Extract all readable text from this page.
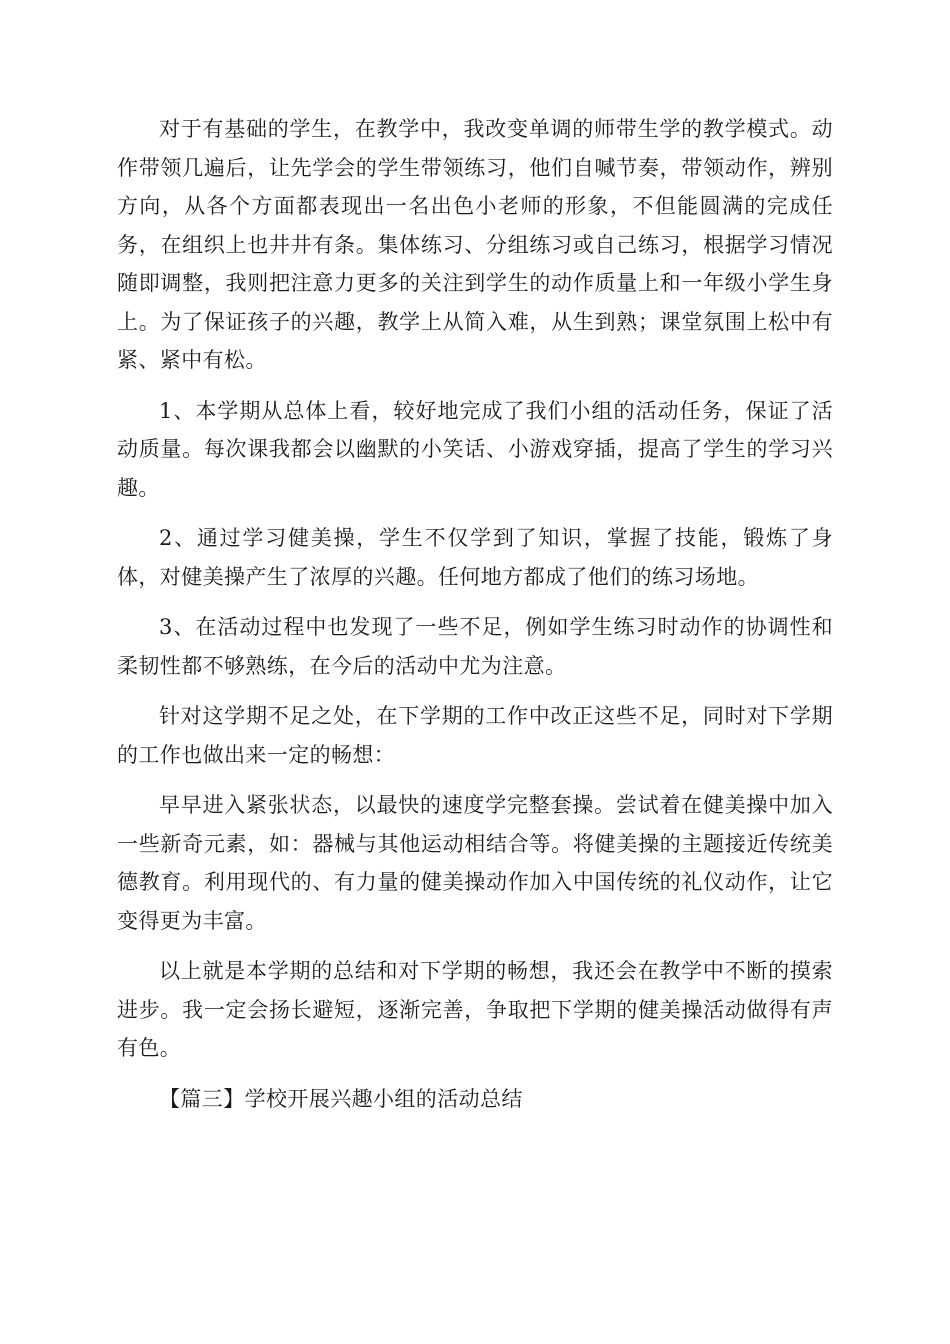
对于有基础的学生，在教学中，我改变单调的师带生学的教学模式。动作带领几遍后，让先学会的学生带领练习，他们自喊节奏，带领动作，辨别方向，从各个方面都表现出一名出色小老师的形象，不但能圆满的完成任务，在组织上也井井有条。集体练习、分组练习或自己练习，根据学习情况随即调整，我则把注意力更多的关注到学生的动作质量上和一年级小学生身上。为了保证孩子的兴趣，教学上从简入难，从生到熟；课堂氛围上松中有紧、紧中有松。

1、本学期从总体上看，较好地完成了我们小组的活动任务，保证了活动质量。每次课我都会以幽默的小笑话、小游戏穿插，提高了学生的学习兴趣。

2、通过学习健美操，学生不仅学到了知识，掌握了技能，锻炼了身体，对健美操产生了浓厚的兴趣。任何地方都成了他们的练习场地。

3、在活动过程中也发现了一些不足，例如学生练习时动作的协调性和柔韧性都不够熟练，在今后的活动中尤为注意。

针对这学期不足之处，在下学期的工作中改正这些不足，同时对下学期的工作也做出来一定的畅想：

早早进入紧张状态，以最快的速度学完整套操。尝试着在健美操中加入一些新奇元素，如：器械与其他运动相结合等。将健美操的主题接近传统美德教育。利用现代的、有力量的健美操动作加入中国传统的礼仪动作，让它变得更为丰富。

以上就是本学期的总结和对下学期的畅想，我还会在教学中不断的摸索进步。我一定会扬长避短，逐渐完善，争取把下学期的健美操活动做得有声有色。

【篇三】学校开展兴趣小组的活动总结
